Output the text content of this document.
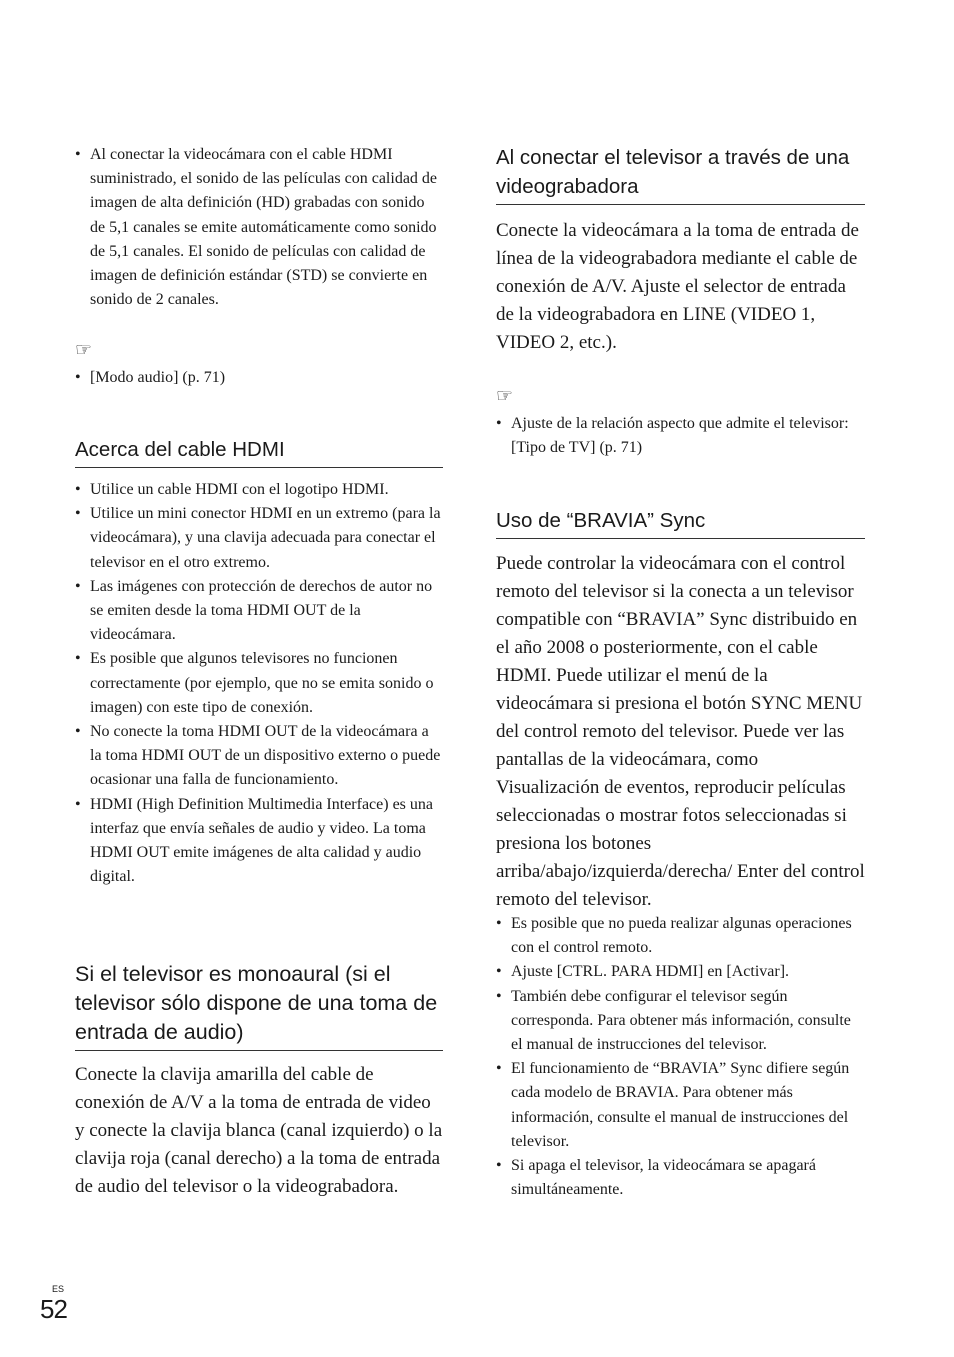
• Al conectar la videocámara con el cable HDMI suministrado, el sonido de las películas con calidad de imagen de alta definición (HD) grabadas con sonido de 5,1 canales se emite automáticamente como sonido de 5,1 canales. El sonido de películas con calidad de imagen de definición estándar (STD) se convierte en sonido de 2 canales.
☞
• [Modo audio] (p. 71)
Acerca del cable HDMI
• Utilice un cable HDMI con el logotipo HDMI.
• Utilice un mini conector HDMI en un extremo (para la videocámara), y una clavija adecuada para conectar el televisor en el otro extremo.
• Las imágenes con protección de derechos de autor no se emiten desde la toma HDMI OUT de la videocámara.
• Es posible que algunos televisores no funcionen correctamente (por ejemplo, que no se emita sonido o imagen) con este tipo de conexión.
• No conecte la toma HDMI OUT de la videocámara a la toma HDMI OUT de un dispositivo externo o puede ocasionar una falla de funcionamiento.
• HDMI (High Definition Multimedia Interface) es una interfaz que envía señales de audio y video. La toma HDMI OUT emite imágenes de alta calidad y audio digital.
Si el televisor es monoaural (si el televisor sólo dispone de una toma de entrada de audio)

Conecte la clavija amarilla del cable de conexión de A/V a la toma de entrada de video y conecte la clavija blanca (canal izquierdo) o la clavija roja (canal derecho) a la toma de entrada de audio del televisor o la videograbadora.

Al conectar el televisor a través de una videograbadora

Conecte la videocámara a la toma de entrada de línea de la videograbadora mediante el cable de conexión de A/V. Ajuste el selector de entrada de la videograbadora en LINE (VIDEO 1, VIDEO 2, etc.).

☞
• Ajuste de la relación aspecto que admite el televisor: [Tipo de TV] (p. 71)
Uso de “BRAVIA” Sync

Puede controlar la videocámara con el control remoto del televisor si la conecta a un televisor compatible con “BRAVIA” Sync distribuido en el año 2008 o posteriormente, con el cable HDMI. Puede utilizar el menú de la videocámara si presiona el botón SYNC MENU del control remoto del televisor. Puede ver las pantallas de la videocámara, como Visualización de eventos, reproducir películas seleccionadas o mostrar fotos seleccionadas si presiona los botones arriba/abajo/izquierda/derecha/ Enter del control remoto del televisor.

• Es posible que no pueda realizar algunas operaciones con el control remoto.
• Ajuste [CTRL. PARA HDMI] en [Activar].
• También debe configurar el televisor según corresponda. Para obtener más información, consulte el manual de instrucciones del televisor.
• El funcionamiento de “BRAVIA” Sync difiere según cada modelo de BRAVIA. Para obtener más información, consulte el manual de instrucciones del televisor.
• Si apaga el televisor, la videocámara se apagará simultáneamente.
ES
52
